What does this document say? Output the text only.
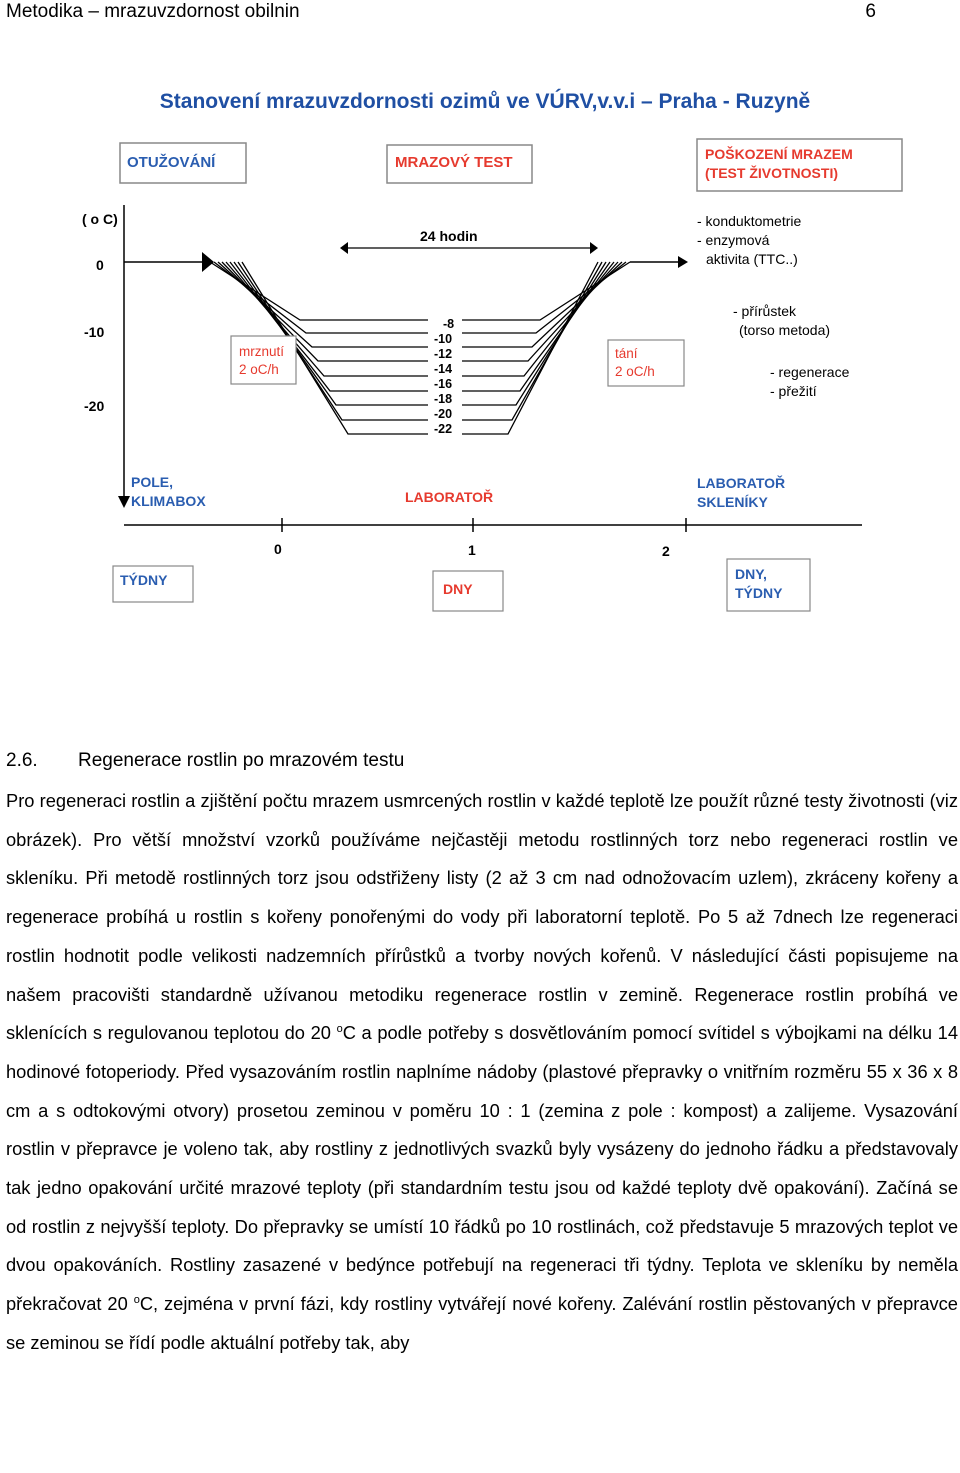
Metodika – mrazuvzdornost obilnin	6
Stanovení mrazuvzdornosti ozimů ve VÚRV,v.v.i – Praha - Ruzyně
OTUŽOVÁNÍ	MRAZOVÝ TEST	POŠKOZENÍ MRAZEM
(TEST ŽIVOTNOSTI)
( o C)
0
-10
-20
24 hodin
-8
-10
-12
-14
-16
-18
-20
-22
mrznutí
2 oC/h
tání
2 oC/h
- konduktometrie
- enzymová
aktivita (TTC..)
- přírůstek
(torso metoda)
- regenerace
- přežití
POLE,
KLIMABOX	LABORATOŘ
LABORATOŘ
SKLENÍKY
0	1	2
TÝDNY
DNY
DNY,
TÝDNY
2.6. Regenerace rostlin po mrazovém testu
Pro regeneraci rostlin a zjištění počtu mrazem usmrcených rostlin v každé teplotě lze použít různé testy životnosti (viz obrázek). Pro větší množství vzorků používáme nejčastěji metodu rostlinných torz nebo regeneraci rostlin ve skleníku. Při metodě rostlinných torz jsou odstřiženy listy (2 až 3 cm nad odnožovacím uzlem), zkráceny kořeny a regenerace probíhá u rostlin s kořeny ponořenými do vody při laboratorní teplotě. Po 5 až 7dnech lze regeneraci rostlin hodnotit podle velikosti nadzemních přírůstků a tvorby nových kořenů. V následující části popisujeme na našem pracovišti standardně užívanou metodiku regenerace rostlin v zemině. Regenerace rostlin probíhá ve sklenících s regulovanou teplotou do 20 $^o$C a podle potřeby s dosvětlováním pomocí svítidel s výbojkami na délku 14 hodinové fotoperiody. Před vysazováním rostlin naplníme nádoby (plastové přepravky o vnitřním rozměru 55 x 36 x 8 cm a s odtokovými otvory) prosetou zeminou v poměru 10 : 1 (zemina z pole : kompost) a zalijeme. Vysazování rostlin v přepravce je voleno tak, aby rostliny z jednotlivých svazků byly vysázeny do jednoho řádku a představovaly tak jedno opakování určité mrazové teploty (při standardním testu jsou od každé teploty dvě opakování). Začíná se od rostlin z nejvyšší teploty. Do přepravky se umístí 10 řádků po 10 rostlinách, což představuje 5 mrazových teplot ve dvou opakováních. Rostliny zasazené v bedýnce potřebují na regeneraci tři týdny. Teplota ve skleníku by neměla překračovat 20 $^o$C, zejména v první fázi, kdy rostliny vytvářejí nové kořeny. Zalévání rostlin pěstovaných v přepravce se zeminou se řídí podle aktuální potřeby tak, aby
